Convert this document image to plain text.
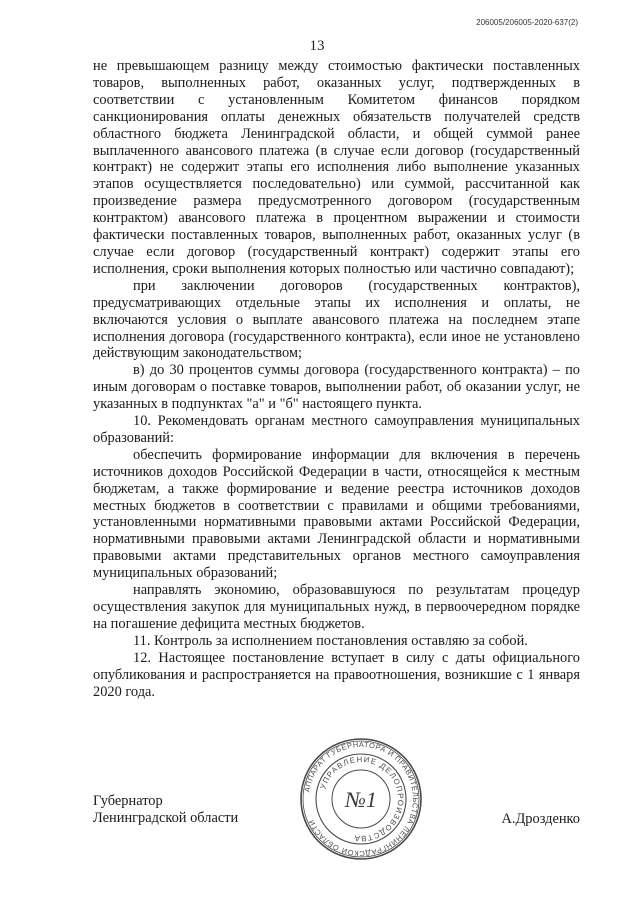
206005/206005-2020-637(2)
13

не превышающем разницу между стоимостью фактически поставленных товаров, выполненных работ, оказанных услуг, подтвержденных в соответствии с установленным Комитетом финансов порядком санкционирования оплаты денежных обязательств получателей средств областного бюджета Ленинградской области, и общей суммой ранее выплаченного авансового платежа (в случае если договор (государственный контракт) не содержит этапы его исполнения либо выполнение указанных этапов осуществляется последовательно) или суммой, рассчитанной как произведение размера предусмотренного договором (государственным контрактом) авансового платежа в процентном выражении и стоимости фактически поставленных товаров, выполненных работ, оказанных услуг (в случае если договор (государственный контракт) содержит этапы его исполнения, сроки выполнения которых полностью или частично совпадают);

при заключении договоров (государственных контрактов), предусматривающих отдельные этапы их исполнения и оплаты, не включаются условия о выплате авансового платежа на последнем этапе исполнения договора (государственного контракта), если иное не установлено действующим законодательством;

в) до 30 процентов суммы договора (государственного контракта) – по иным договорам о поставке товаров, выполнении работ, об оказании услуг, не указанных в подпунктах "а" и "б" настоящего пункта.

10. Рекомендовать органам местного самоуправления муниципальных образований:

обеспечить формирование информации для включения в перечень источников доходов Российской Федерации в части, относящейся к местным бюджетам, а также формирование и ведение реестра источников доходов местных бюджетов в соответствии с правилами и общими требованиями, установленными нормативными правовыми актами Российской Федерации, нормативными правовыми актами Ленинградской области и нормативными правовыми актами представительных органов местного самоуправления муниципальных образований;

направлять экономию, образовавшуюся по результатам процедур осуществления закупок для муниципальных нужд, в первоочередном порядке на погашение дефицита местных бюджетов.

11. Контроль за исполнением постановления оставляю за собой.

12. Настоящее постановление вступает в силу с даты официального опубликования и распространяется на правоотношения, возникшие с 1 января 2020 года.

Губернатор
Ленинградской области	А.Дрозденко
АППАРАТ ГУБЕРНАТОРА И ПРАВИТЕЛЬСТВА ЛЕНИНГРАДСКОЙ ОБЛАСТИ
УПРАВЛЕНИЕ ДЕЛОПРОИЗВОДСТВА
№1
